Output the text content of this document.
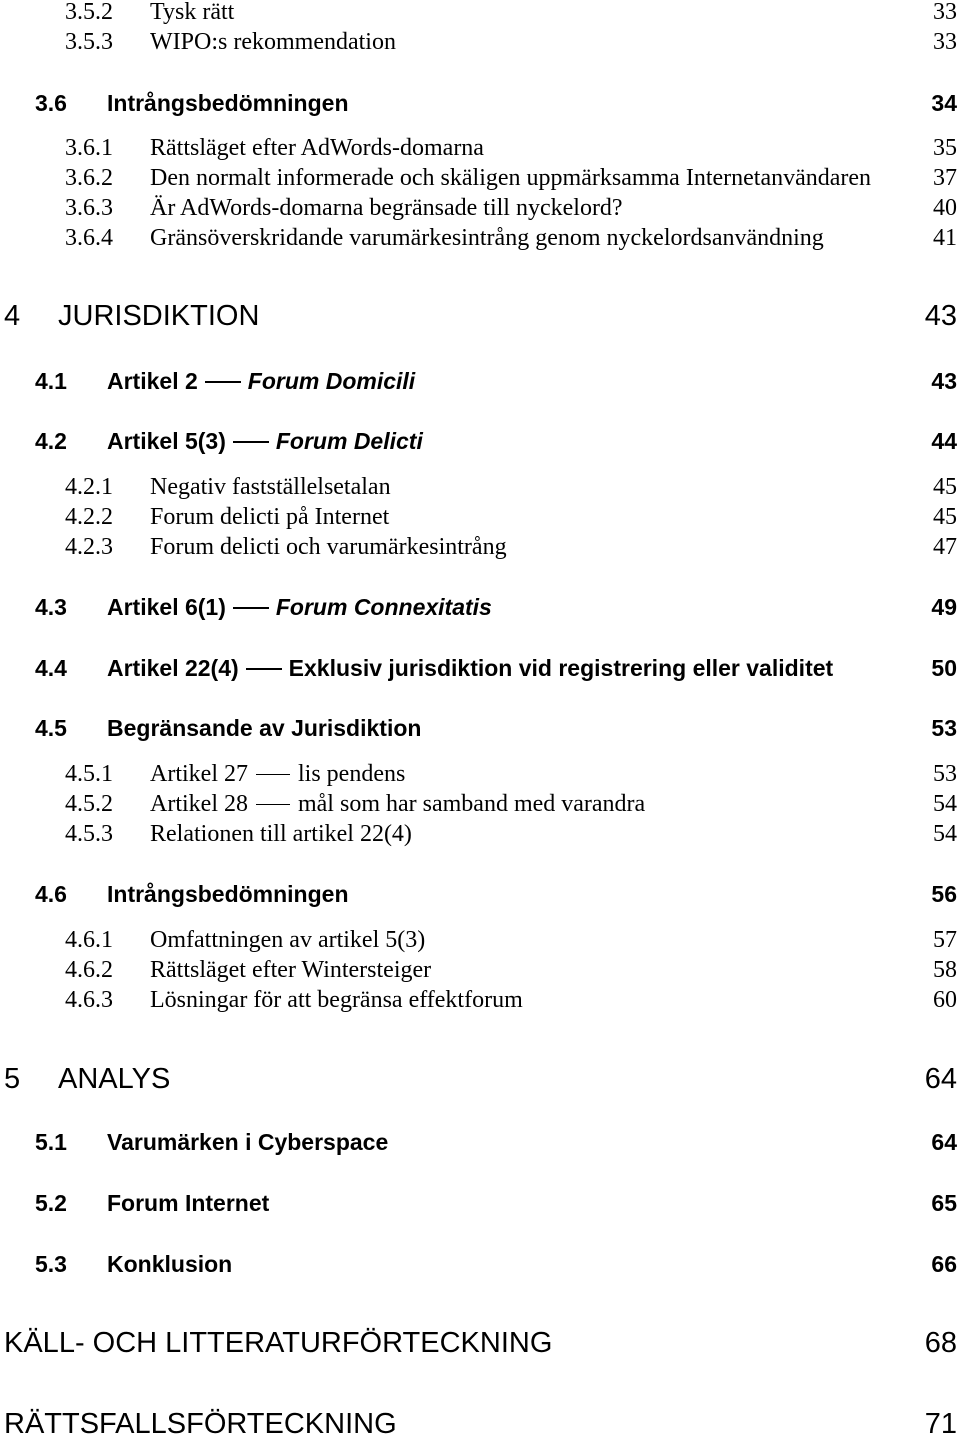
3.5.2 Tysk rätt	33
3.5.3 WIPO:s rekommendation	33
3.6 Intrångsbedömningen	34
3.6.1 Rättsläget efter AdWords-domarna	35
3.6.2 Den normalt informerade och skäligen uppmärksamma Internetanvändaren	37
3.6.3 Är AdWords-domarna begränsade till nyckelord?	40
3.6.4 Gränsöverskridande varumärkesintrång genom nyckelordsanvändning	41
4 JURISDIKTION	43
4.1 Artikel 2 Forum Domicili	43
4.2 Artikel 5(3) Forum Delicti	44
4.2.1 Negativ fastställelsetalan	45
4.2.2 Forum delicti på Internet	45
4.2.3 Forum delicti och varumärkesintrång	47
4.3 Artikel 6(1) Forum Connexitatis	49
4.4 Artikel 22(4) Exklusiv jurisdiktion vid registrering eller validitet	50
4.5 Begränsande av Jurisdiktion	53
4.5.1 Artikel 27 lis pendens	53
4.5.2 Artikel 28 mål som har samband med varandra	54
4.5.3 Relationen till artikel 22(4)	54
4.6 Intrångsbedömningen	56
4.6.1 Omfattningen av artikel 5(3)	57
4.6.2 Rättsläget efter Wintersteiger	58
4.6.3 Lösningar för att begränsa effektforum	60
5 ANALYS	64
5.1 Varumärken i Cyberspace	64
5.2 Forum Internet	65
5.3 Konklusion	66
KÄLL- OCH LITTERATURFÖRTECKNING	68
RÄTTSFALLSFÖRTECKNING	71
